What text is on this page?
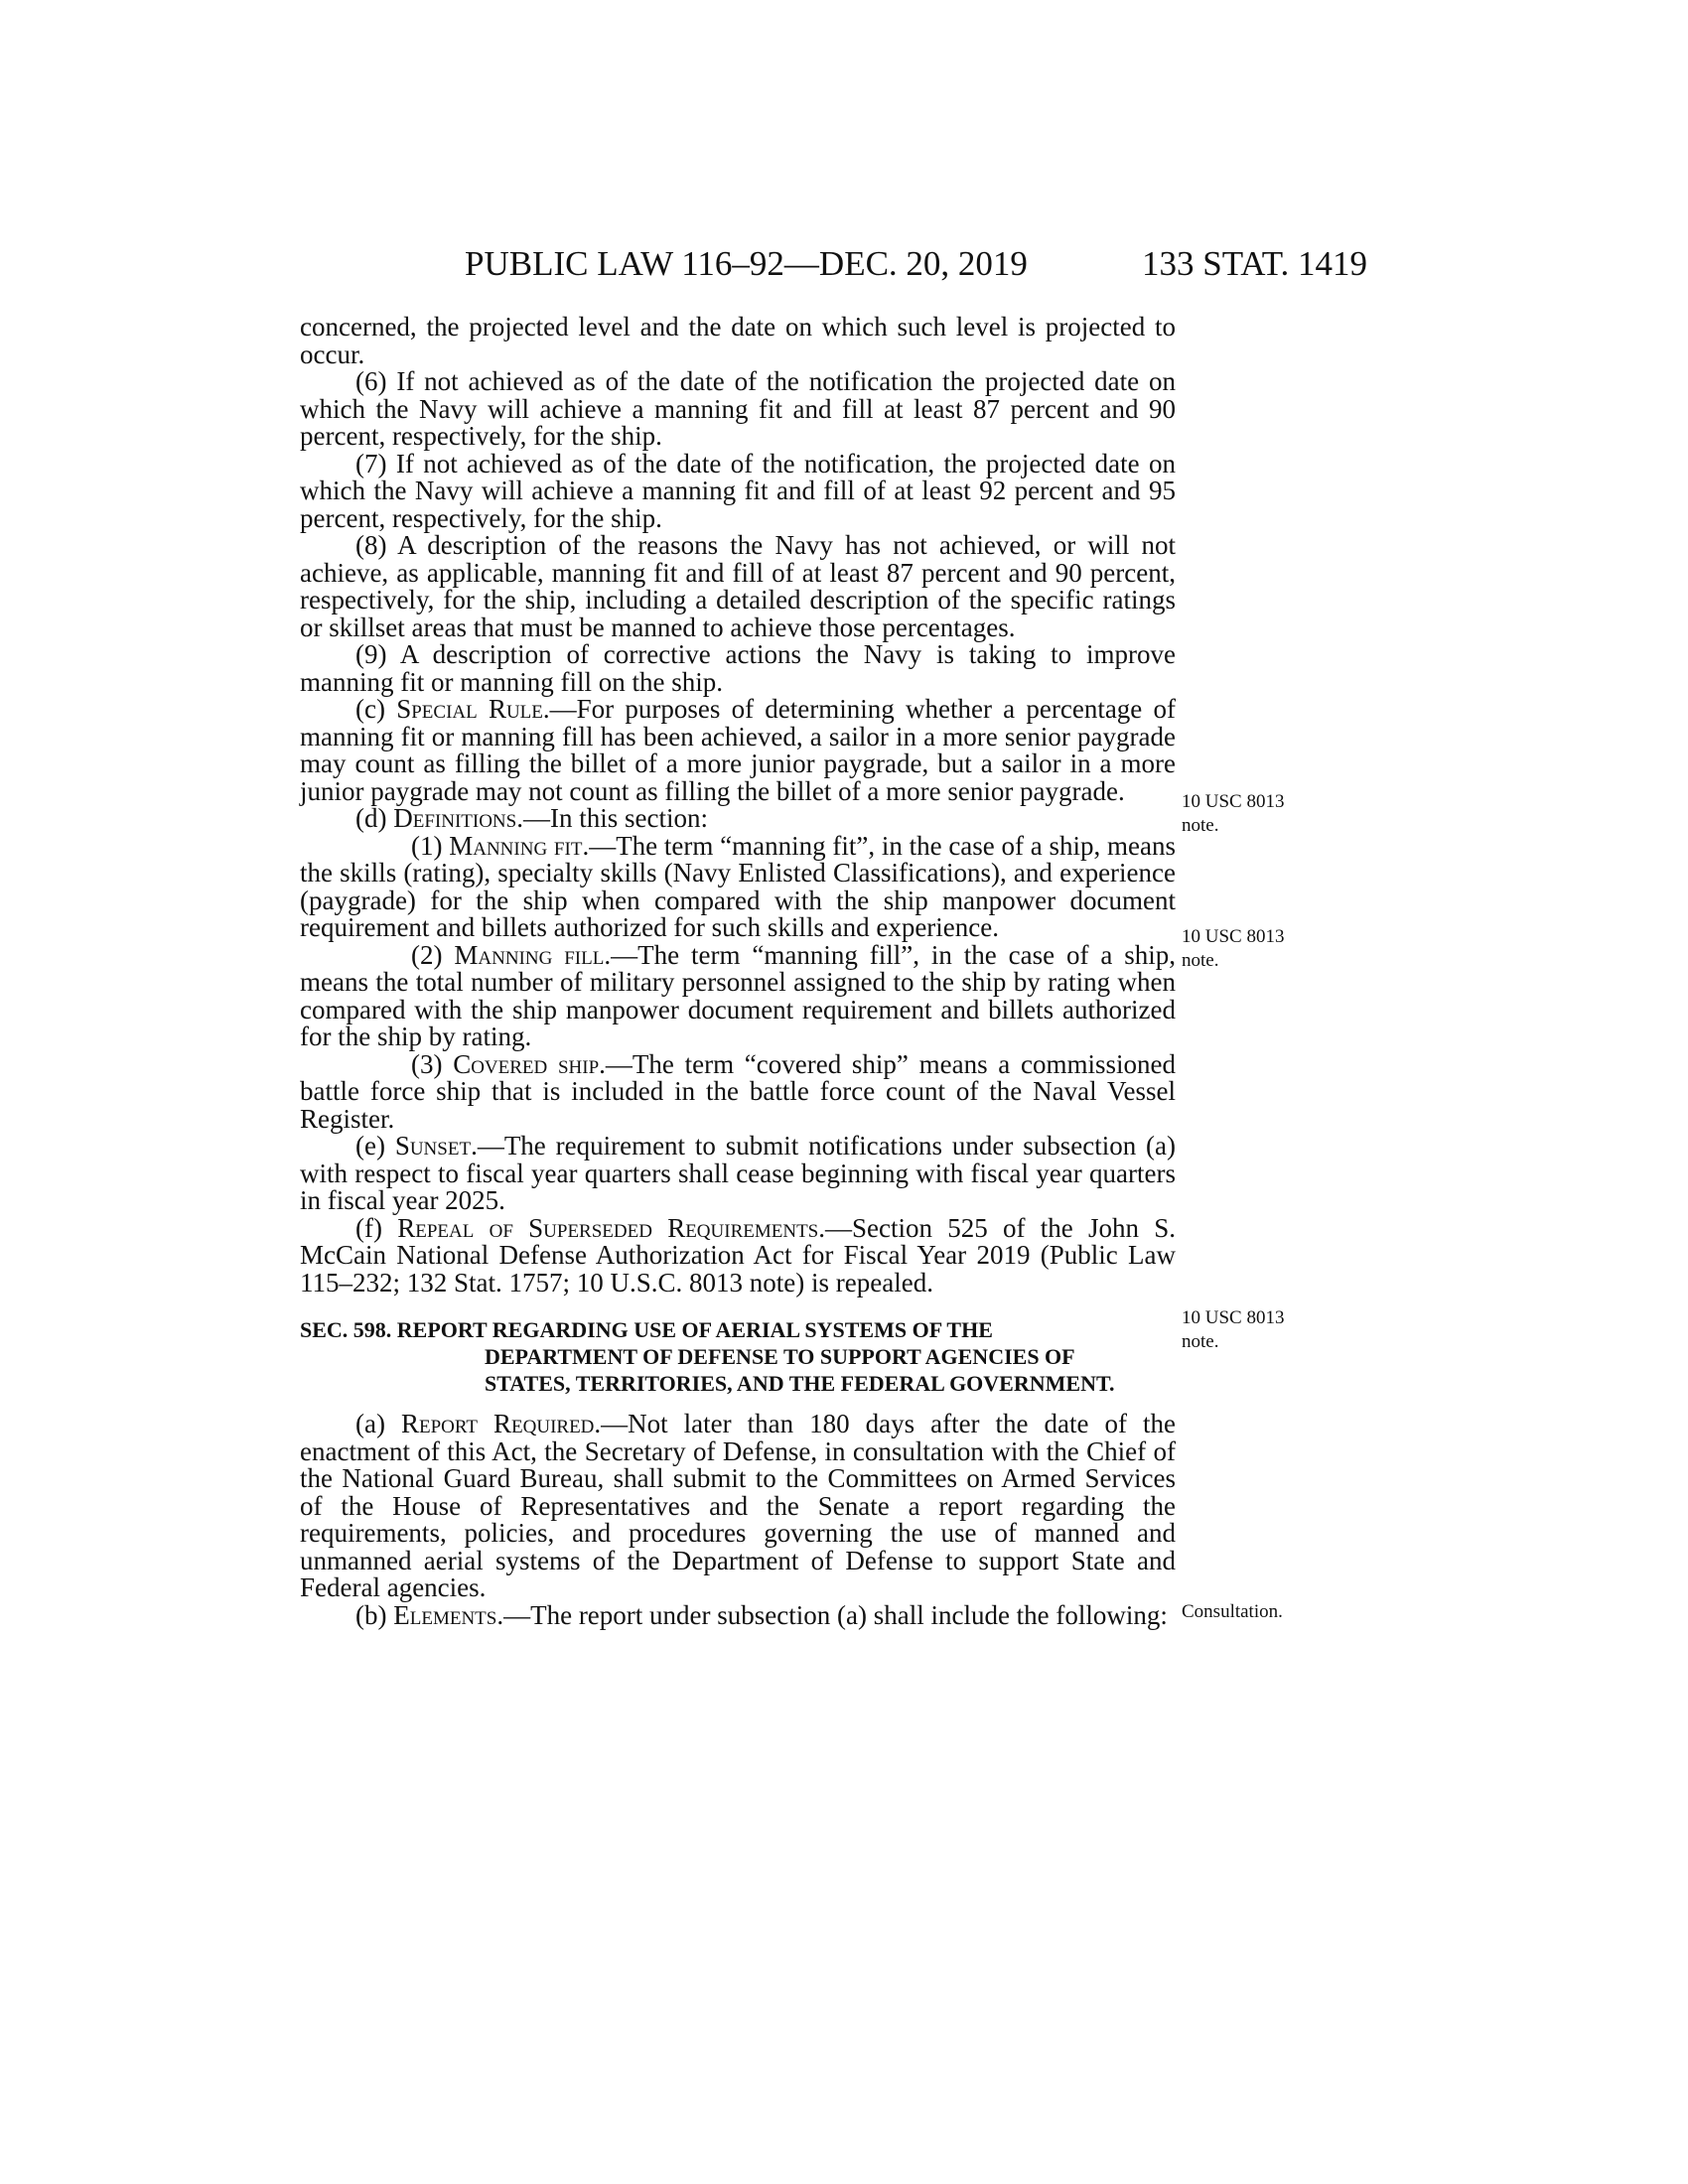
PUBLIC LAW 116–92—DEC. 20, 2019	133 STAT. 1419

concerned, the projected level and the date on which such level is projected to occur.

(6) If not achieved as of the date of the notification the projected date on which the Navy will achieve a manning fit and fill at least 87 percent and 90 percent, respectively, for the ship.

(7) If not achieved as of the date of the notification, the projected date on which the Navy will achieve a manning fit and fill of at least 92 percent and 95 percent, respectively, for the ship.

(8) A description of the reasons the Navy has not achieved, or will not achieve, as applicable, manning fit and fill of at least 87 percent and 90 percent, respectively, for the ship, including a detailed description of the specific ratings or skillset areas that must be manned to achieve those percentages.

(9) A description of corrective actions the Navy is taking to improve manning fit or manning fill on the ship.

(c) Special Rule.—For purposes of determining whether a percentage of manning fit or manning fill has been achieved, a sailor in a more senior paygrade may count as filling the billet of a more junior paygrade, but a sailor in a more junior paygrade may not count as filling the billet of a more senior paygrade.

(d) Definitions.—In this section:

(1) Manning fit.—The term “manning fit”, in the case of a ship, means the skills (rating), specialty skills (Navy Enlisted Classifications), and experience (paygrade) for the ship when compared with the ship manpower document requirement and billets authorized for such skills and experience.

(2) Manning fill.—The term “manning fill”, in the case of a ship, means the total number of military personnel assigned to the ship by rating when compared with the ship manpower document requirement and billets authorized for the ship by rating.

(3) Covered ship.—The term “covered ship” means a commissioned battle force ship that is included in the battle force count of the Naval Vessel Register.

(e) Sunset.—The requirement to submit notifications under subsection (a) with respect to fiscal year quarters shall cease beginning with fiscal year quarters in fiscal year 2025.

(f) Repeal of Superseded Requirements.—Section 525 of the John S. McCain National Defense Authorization Act for Fiscal Year 2019 (Public Law 115–232; 132 Stat. 1757; 10 U.S.C. 8013 note) is repealed.

SEC. 598. REPORT REGARDING USE OF AERIAL SYSTEMS OF THE
DEPARTMENT OF DEFENSE TO SUPPORT AGENCIES OF
STATES, TERRITORIES, AND THE FEDERAL GOVERNMENT.

(a) Report Required.—Not later than 180 days after the date of the enactment of this Act, the Secretary of Defense, in consultation with the Chief of the National Guard Bureau, shall submit to the Committees on Armed Services of the House of Representatives and the Senate a report regarding the requirements, policies, and procedures governing the use of manned and unmanned aerial systems of the Department of Defense to support State and Federal agencies.

(b) Elements.—The report under subsection (a) shall include the following:

10 USC 8013
note.
10 USC 8013
note.
10 USC 8013
note.
Consultation.
